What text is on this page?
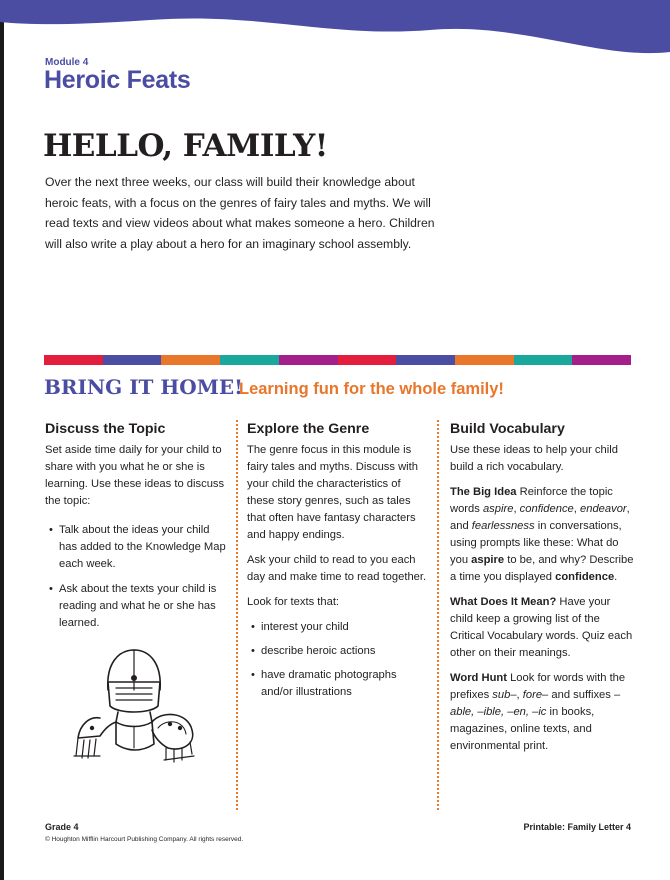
Module 4
Heroic Feats
HELLO, FAMILY!
Over the next three weeks, our class will build their knowledge about heroic feats, with a focus on the genres of fairy tales and myths. We will read texts and view videos about what makes someone a hero. Children will also write a play about a hero for an imaginary school assembly.
BRING IT HOME!
Learning fun for the whole family!
Discuss the Topic

Set aside time daily for your child to share with you what he or she is learning. Use these ideas to discuss the topic:

• Talk about the ideas your child has added to the Knowledge Map each week.
• Ask about the texts your child is reading and what he or she has learned.
Explore the Genre

The genre focus in this module is fairy tales and myths. Discuss with your child the characteristics of these story genres, such as tales that often have fantasy characters and happy endings.

Ask your child to read to you each day and make time to read together.

Look for texts that:

• interest your child
• describe heroic actions
• have dramatic photographs and/or illustrations
Build Vocabulary

Use these ideas to help your child build a rich vocabulary.

The Big Idea Reinforce the topic words aspire, confidence, endeavor, and fearlessness in conversations, using prompts like these: What do you aspire to be, and why? Describe a time you displayed confidence.

What Does It Mean? Have your child keep a growing list of the Critical Vocabulary words. Quiz each other on their meanings.

Word Hunt Look for words with the prefixes sub–, fore– and suffixes –able, –ible, –en, –ic in books, magazines, online texts, and environmental print.

Grade 4
© Houghton Mifflin Harcourt Publishing Company. All rights reserved.
Printable: Family Letter 4
